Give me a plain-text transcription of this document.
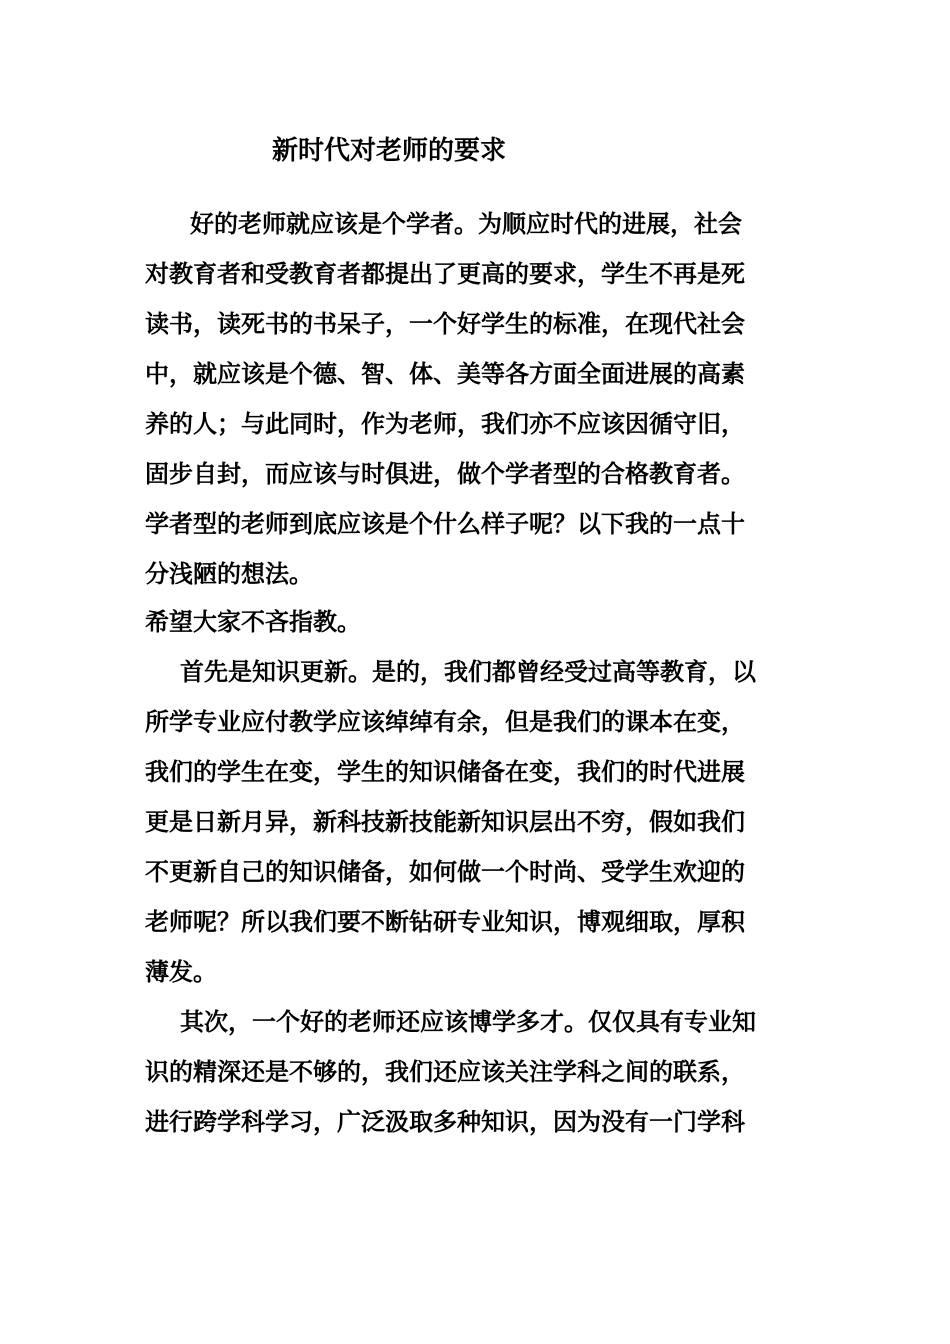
新时代对老师的要求
好的老师就应该是个学者。为顺应时代的进展，社会
对教育者和受教育者都提出了更高的要求，学生不再是死
读书，读死书的书呆子，一个好学生的标准，在现代社会
中，就应该是个德、智、体、美等各方面全面进展的高素
养的人；与此同时，作为老师，我们亦不应该因循守旧，
固步自封，而应该与时俱进，做个学者型的合格教育者。
学者型的老师到底应该是个什么样子呢？以下我的一点十
分浅陋的想法。
希望大家不吝指教。
首先是知识更新。是的，我们都曾经受过高等教育，以
所学专业应付教学应该绰绰有余，但是我们的课本在变，
我们的学生在变，学生的知识储备在变，我们的时代进展
更是日新月异，新科技新技能新知识层出不穷，假如我们
不更新自己的知识储备，如何做一个时尚、受学生欢迎的
老师呢？所以我们要不断钻研专业知识，博观细取，厚积
薄发。
其次，一个好的老师还应该博学多才。仅仅具有专业知
识的精深还是不够的，我们还应该关注学科之间的联系，
进行跨学科学习，广泛汲取多种知识，因为没有一门学科
